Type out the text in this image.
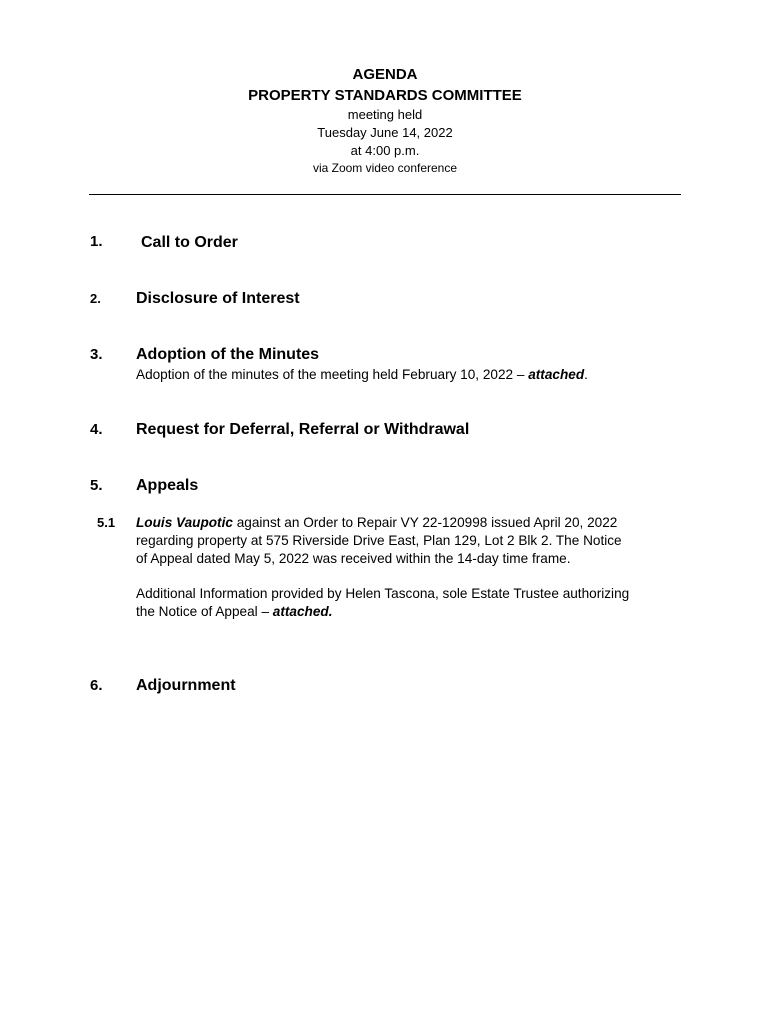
AGENDA
PROPERTY STANDARDS COMMITTEE
meeting held
Tuesday June 14, 2022
at 4:00 p.m.
via Zoom video conference
1. Call to Order
2. Disclosure of Interest
3. Adoption of the Minutes
Adoption of the minutes of the meeting held February 10, 2022 – attached.
4. Request for Deferral, Referral or Withdrawal
5. Appeals
5.1 Louis Vaupotic against an Order to Repair VY 22-120998 issued April 20, 2022
regarding property at 575 Riverside Drive East, Plan 129, Lot 2 Blk 2. The Notice
of Appeal dated May 5, 2022 was received within the 14-day time frame.
Additional Information provided by Helen Tascona, sole Estate Trustee authorizing
the Notice of Appeal – attached.
6. Adjournment
